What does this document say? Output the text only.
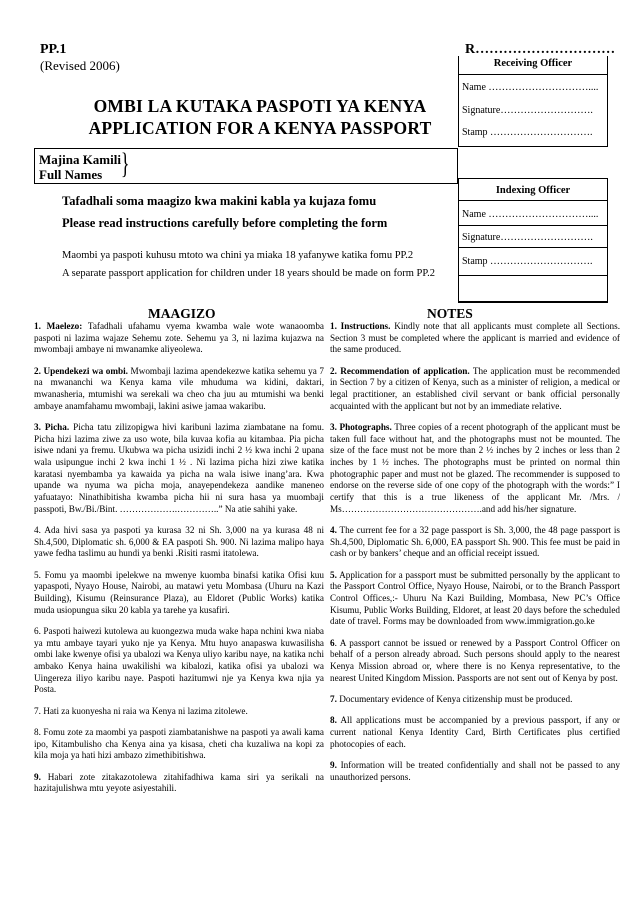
PP.1
(Revised 2006)
R…………………………
OMBI LA KUTAKA PASPOTI YA KENYA
APPLICATION FOR A KENYA PASSPORT
Receiving Officer
Name …………………………....
Signature……………………….
Stamp ………………………….
Indexing Officer
Name …………………………....
Signature……………………….
Stamp ………………………….
Majina Kamili
Full Names }
Tafadhali soma maagizo kwa makini kabla ya kujaza fomu
Please read instructions carefully before completing the form
Maombi ya paspoti kuhusu mtoto wa chini ya miaka 18 yafanywe katika fomu PP.2
A separate passport application for children under 18 years should be made on form PP.2
MAAGIZO	NOTES

1. Maelezo: Tafadhali ufahamu vyema kwamba wale wote wanaoomba paspoti ni lazima wajaze Sehemu zote. Sehemu ya 3, ni lazima kujazwa na mwombaji ambaye ni mwanamke aliyeolewa.

2. Upendekezi wa ombi. Mwombaji lazima apendekezwe katika sehemu ya 7 na mwananchi wa Kenya kama vile mhuduma wa kidini, daktari, mwanasheria, mtumishi wa serekali wa cheo cha juu au mtumishi wa benki ambaye anamfahamu mwombaji, lakini asiwe jamaa wakaribu.

3. Picha. Picha tatu zilizopigwa hivi karibuni lazima ziambatane na fomu. Picha hizi lazima ziwe za uso wote, bila kuvaa kofia au kitambaa. Pia picha isiwe ndani ya fremu. Ukubwa wa picha usizidi inchi 2 ½ kwa inchi 2 upana wala usipungue inchi 2 kwa inchi 1 ½ . Ni lazima picha hizi ziwe katika karatasi nyembamba ya kawaida ya picha na wala isiwe inang’ara. Kwa upande wa nyuma wa picha moja, anayependekeza aandike maneneo yafuatayo: Ninathibitisha kwamba picha hii ni sura hasa ya muombaji passpoti, Bw./Bi./Bint. ……………….…………..” Na atie sahihi yake.

4. Ada hivi sasa ya paspoti ya kurasa 32 ni Sh. 3,000 na ya kurasa 48 ni Sh.4,500, Diplomatic sh. 6,000 & EA paspoti Sh. 900. Ni lazima malipo haya yawe fedha taslimu au hundi ya benki .Risiti rasmi itatolewa.

5. Fomu ya maombi ipelekwe na mwenye kuomba binafsi katika Ofisi kuu yapaspoti, Nyayo House, Nairobi, au matawi yetu Mombasa (Uhuru na Kazi Building), Kisumu (Reinsurance Plaza), au Eldoret (Public Works) katika muda usiopungua siku 20 kabla ya tarehe ya kusafiri.

6. Paspoti haiwezi kutolewa au kuongezwa muda wake hapa nchini kwa niaba ya mtu ambaye tayari yuko nje ya Kenya. Mtu huyo anapaswa kuwasilisha ombi lake kwenye ofisi ya ubalozi wa Kenya uliyo karibu naye, na katika nchi ambako Kenya haina uwakilishi wa kibalozi, katika ofisi ya ubalozi wa Uingereza iliyo karibu naye. Paspoti hazitumwi nje ya Kenya kwa njia ya Posta.

7. Hati za kuonyesha ni raia wa Kenya ni lazima zitolewe.

8. Fomu zote za maombi ya paspoti ziambatanishwe na paspoti ya awali kama ipo, Kitambulisho cha Kenya aina ya kisasa, cheti cha kuzaliwa na kopi za kila moja ya hati hizi ambazo zimethibitishwa.

9. Habari zote zitakazotolewa zitahifadhiwa kama siri ya serikali na hazitajulishwa mtu yeyote asiyestahili.

1. Instructions. Kindly note that all applicants must complete all Sections. Section 3 must be completed where the applicant is married and evidence of the same produced.

2. Recommendation of application. The application must be recommended in Section 7 by a citizen of Kenya, such as a minister of religion, a medical or legal practitioner, an established civil servant or bank official personally acquainted with the applicant but not by an immediate relative.

3. Photographs. Three copies of a recent photograph of the applicant must be taken full face without hat, and the photographs must not be mounted. The size of the face must not be more than 2 ½ inches by 2 inches or less than 2 inches by 1 ½ inches. The photographs must be printed on normal thin photographic paper and must not be glazed. The recommender is supposed to endorse on the reverse side of one copy of the photograph with the words:” I certify that this is a true likeness of the applicant Mr. /Mrs. / Ms……………………………………….and add his/her signature.

4. The current fee for a 32 page passport is Sh. 3,000, the 48 page passport is Sh.4,500, Diplomatic Sh. 6,000, EA passport Sh. 900. This fee must be paid in cash or by bankers’ cheque and an official receipt issued.

5. Application for a passport must be submitted personally by the applicant to the Passport Control Office, Nyayo House, Nairobi, or to the Branch Passport Control Offices,:- Uhuru Na Kazi Building, Mombasa, New PC’s Office Kisumu, Public Works Building, Eldoret, at least 20 days before the scheduled date of travel. Forms may be downloaded from www.immigration.go.ke

6. A passport cannot be issued or renewed by a Passport Control Officer on behalf of a person already abroad. Such persons should apply to the nearest Kenya Mission abroad or, where there is no Kenya representative, to the nearest United Kingdom Mission. Passports are not sent out of Kenya by post.

7. Documentary evidence of Kenya citizenship must be produced.

8. All applications must be accompanied by a previous passport, if any or current national Kenya Identity Card, Birth Certificates plus certified photocopies of each.

9. Information will be treated confidentially and shall not be passed to any unauthorized persons.
